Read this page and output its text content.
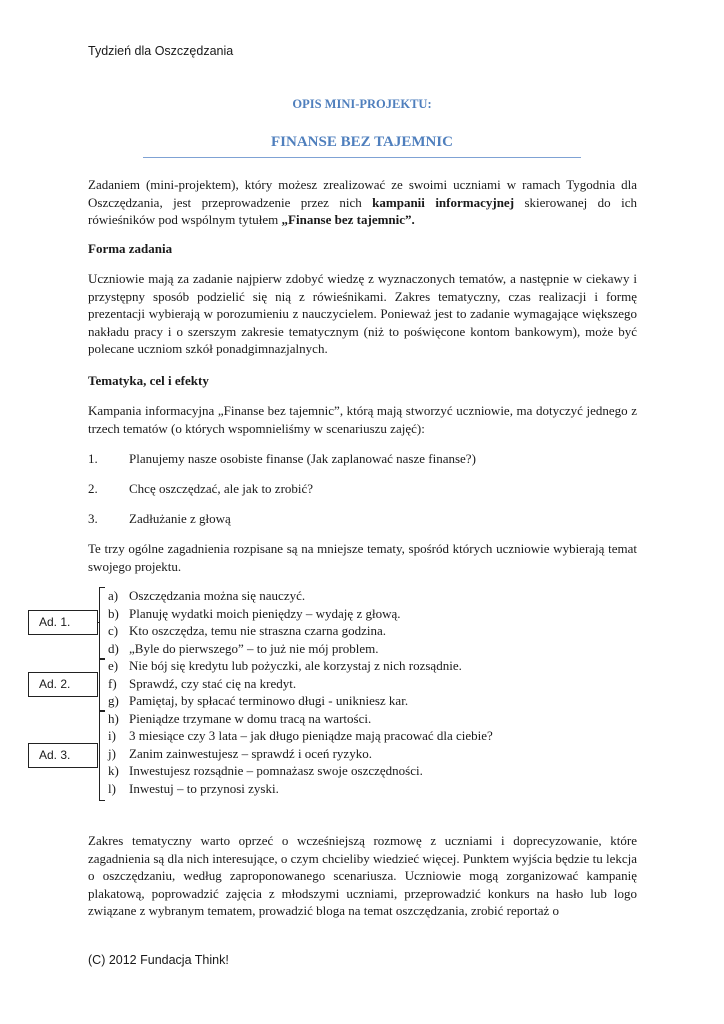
Tydzień dla Oszczędzania
OPIS MINI-PROJEKTU:
FINANSE BEZ TAJEMNIC

Zadaniem (mini-projektem), który możesz zrealizować ze swoimi uczniami w ramach Tygodnia dla Oszczędzania, jest przeprowadzenie przez nich kampanii informacyjnej skierowanej do ich rówieśników pod wspólnym tytułem „Finanse bez tajemnic”.

Forma zadania

Uczniowie mają za zadanie najpierw zdobyć wiedzę z wyznaczonych tematów, a następnie w ciekawy i przystępny sposób podzielić się nią z rówieśnikami. Zakres tematyczny, czas realizacji i formę prezentacji wybierają w porozumieniu z nauczycielem. Ponieważ jest to zadanie wymagające większego nakładu pracy i o szerszym zakresie tematycznym (niż to poświęcone kontom bankowym), może być polecane uczniom szkół ponadgimnazjalnych.

Tematyka, cel i efekty

Kampania informacyjna „Finanse bez tajemnic”, którą mają stworzyć uczniowie, ma dotyczyć jednego z trzech tematów (o których wspomnieliśmy w scenariuszu zajęć):

1. Planujemy nasze osobiste finanse (Jak zaplanować nasze finanse?)
2. Chcę oszczędzać, ale jak to zrobić?
3. Zadłużanie z głową

Te trzy ogólne zagadnienia rozpisane są na mniejsze tematy, spośród których uczniowie wybierają temat swojego projektu.

Ad. 1.
Ad. 2.
Ad. 3.
a) Oszczędzania można się nauczyć.
b) Planuję wydatki moich pieniędzy – wydaję z głową.
c) Kto oszczędza, temu nie straszna czarna godzina.
d) „Byle do pierwszego” – to już nie mój problem.
e) Nie bój się kredytu lub pożyczki, ale korzystaj z nich rozsądnie.
f) Sprawdź, czy stać cię na kredyt.
g) Pamiętaj, by spłacać terminowo długi - unikniesz kar.
h) Pieniądze trzymane w domu tracą na wartości.
i) 3 miesiące czy 3 lata – jak długo pieniądze mają pracować dla ciebie?
j) Zanim zainwestujesz – sprawdź i oceń ryzyko.
k) Inwestujesz rozsądnie – pomnażasz swoje oszczędności.
l) Inwestuj – to przynosi zyski.

Zakres tematyczny warto oprzeć o wcześniejszą rozmowę z uczniami i doprecyzowanie, które zagadnienia są dla nich interesujące, o czym chcieliby wiedzieć więcej. Punktem wyjścia będzie tu lekcja o oszczędzaniu, według zaproponowanego scenariusza. Uczniowie mogą zorganizować kampanię plakatową, poprowadzić zajęcia z młodszymi uczniami, przeprowadzić konkurs na hasło lub logo związane z wybranym tematem, prowadzić bloga na temat oszczędzania, zrobić reportaż o

(C) 2012 Fundacja Think!
